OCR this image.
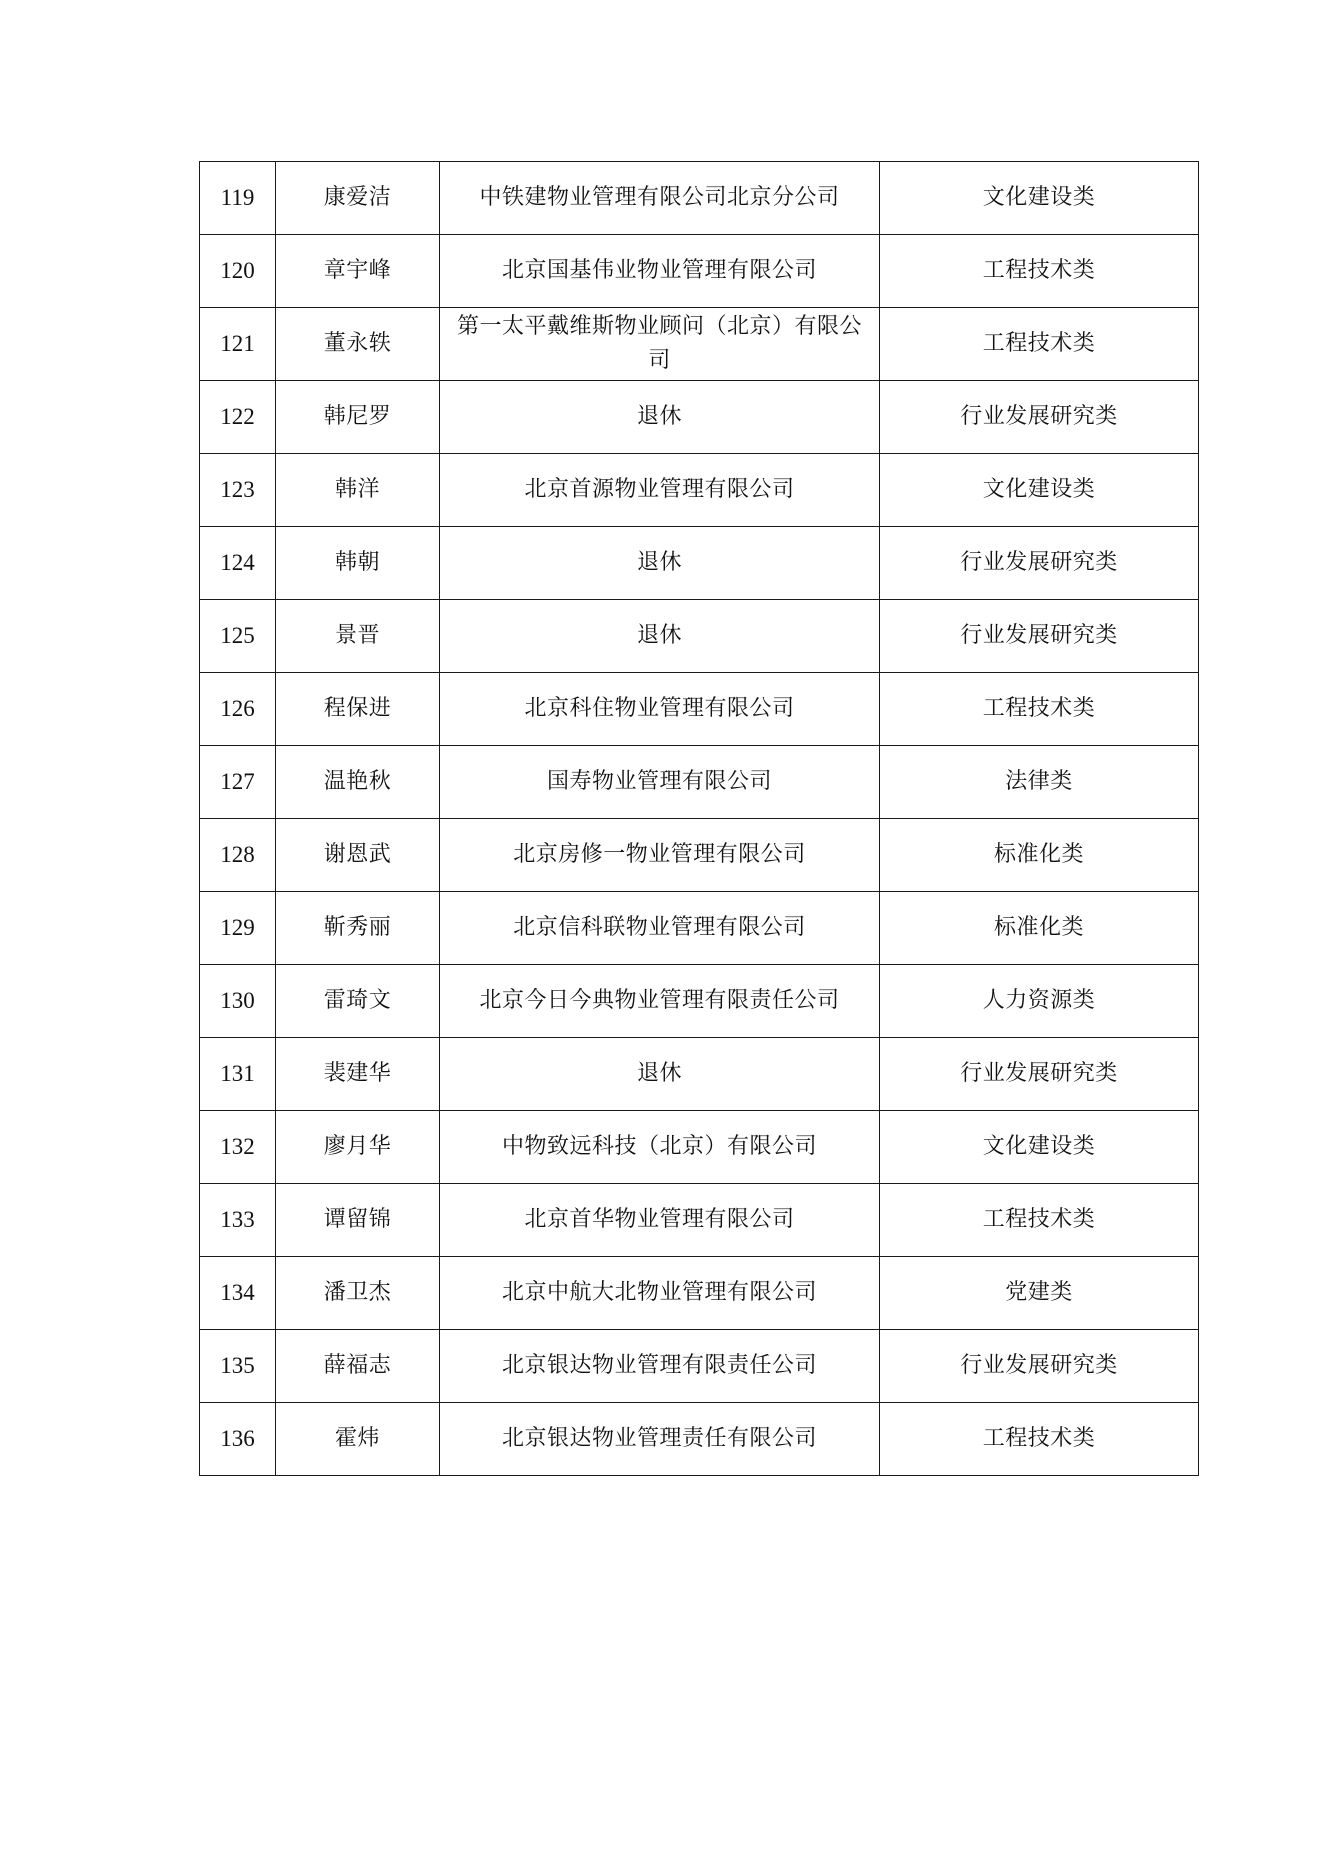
119	康爱洁	中铁建物业管理有限公司北京分公司	文化建设类
120	章宇峰	北京国基伟业物业管理有限公司	工程技术类
121	董永轶	第一太平戴维斯物业顾问（北京）有限公司	工程技术类
122	韩尼罗	退休	行业发展研究类
123	韩洋	北京首源物业管理有限公司	文化建设类
124	韩朝	退休	行业发展研究类
125	景晋	退休	行业发展研究类
126	程保进	北京科住物业管理有限公司	工程技术类
127	温艳秋	国寿物业管理有限公司	法律类
128	谢恩武	北京房修一物业管理有限公司	标准化类
129	靳秀丽	北京信科联物业管理有限公司	标准化类
130	雷琦文	北京今日今典物业管理有限责任公司	人力资源类
131	裴建华	退休	行业发展研究类
132	廖月华	中物致远科技（北京）有限公司	文化建设类
133	谭留锦	北京首华物业管理有限公司	工程技术类
134	潘卫杰	北京中航大北物业管理有限公司	党建类
135	薛福志	北京银达物业管理有限责任公司	行业发展研究类
136	霍炜	北京银达物业管理责任有限公司	工程技术类
